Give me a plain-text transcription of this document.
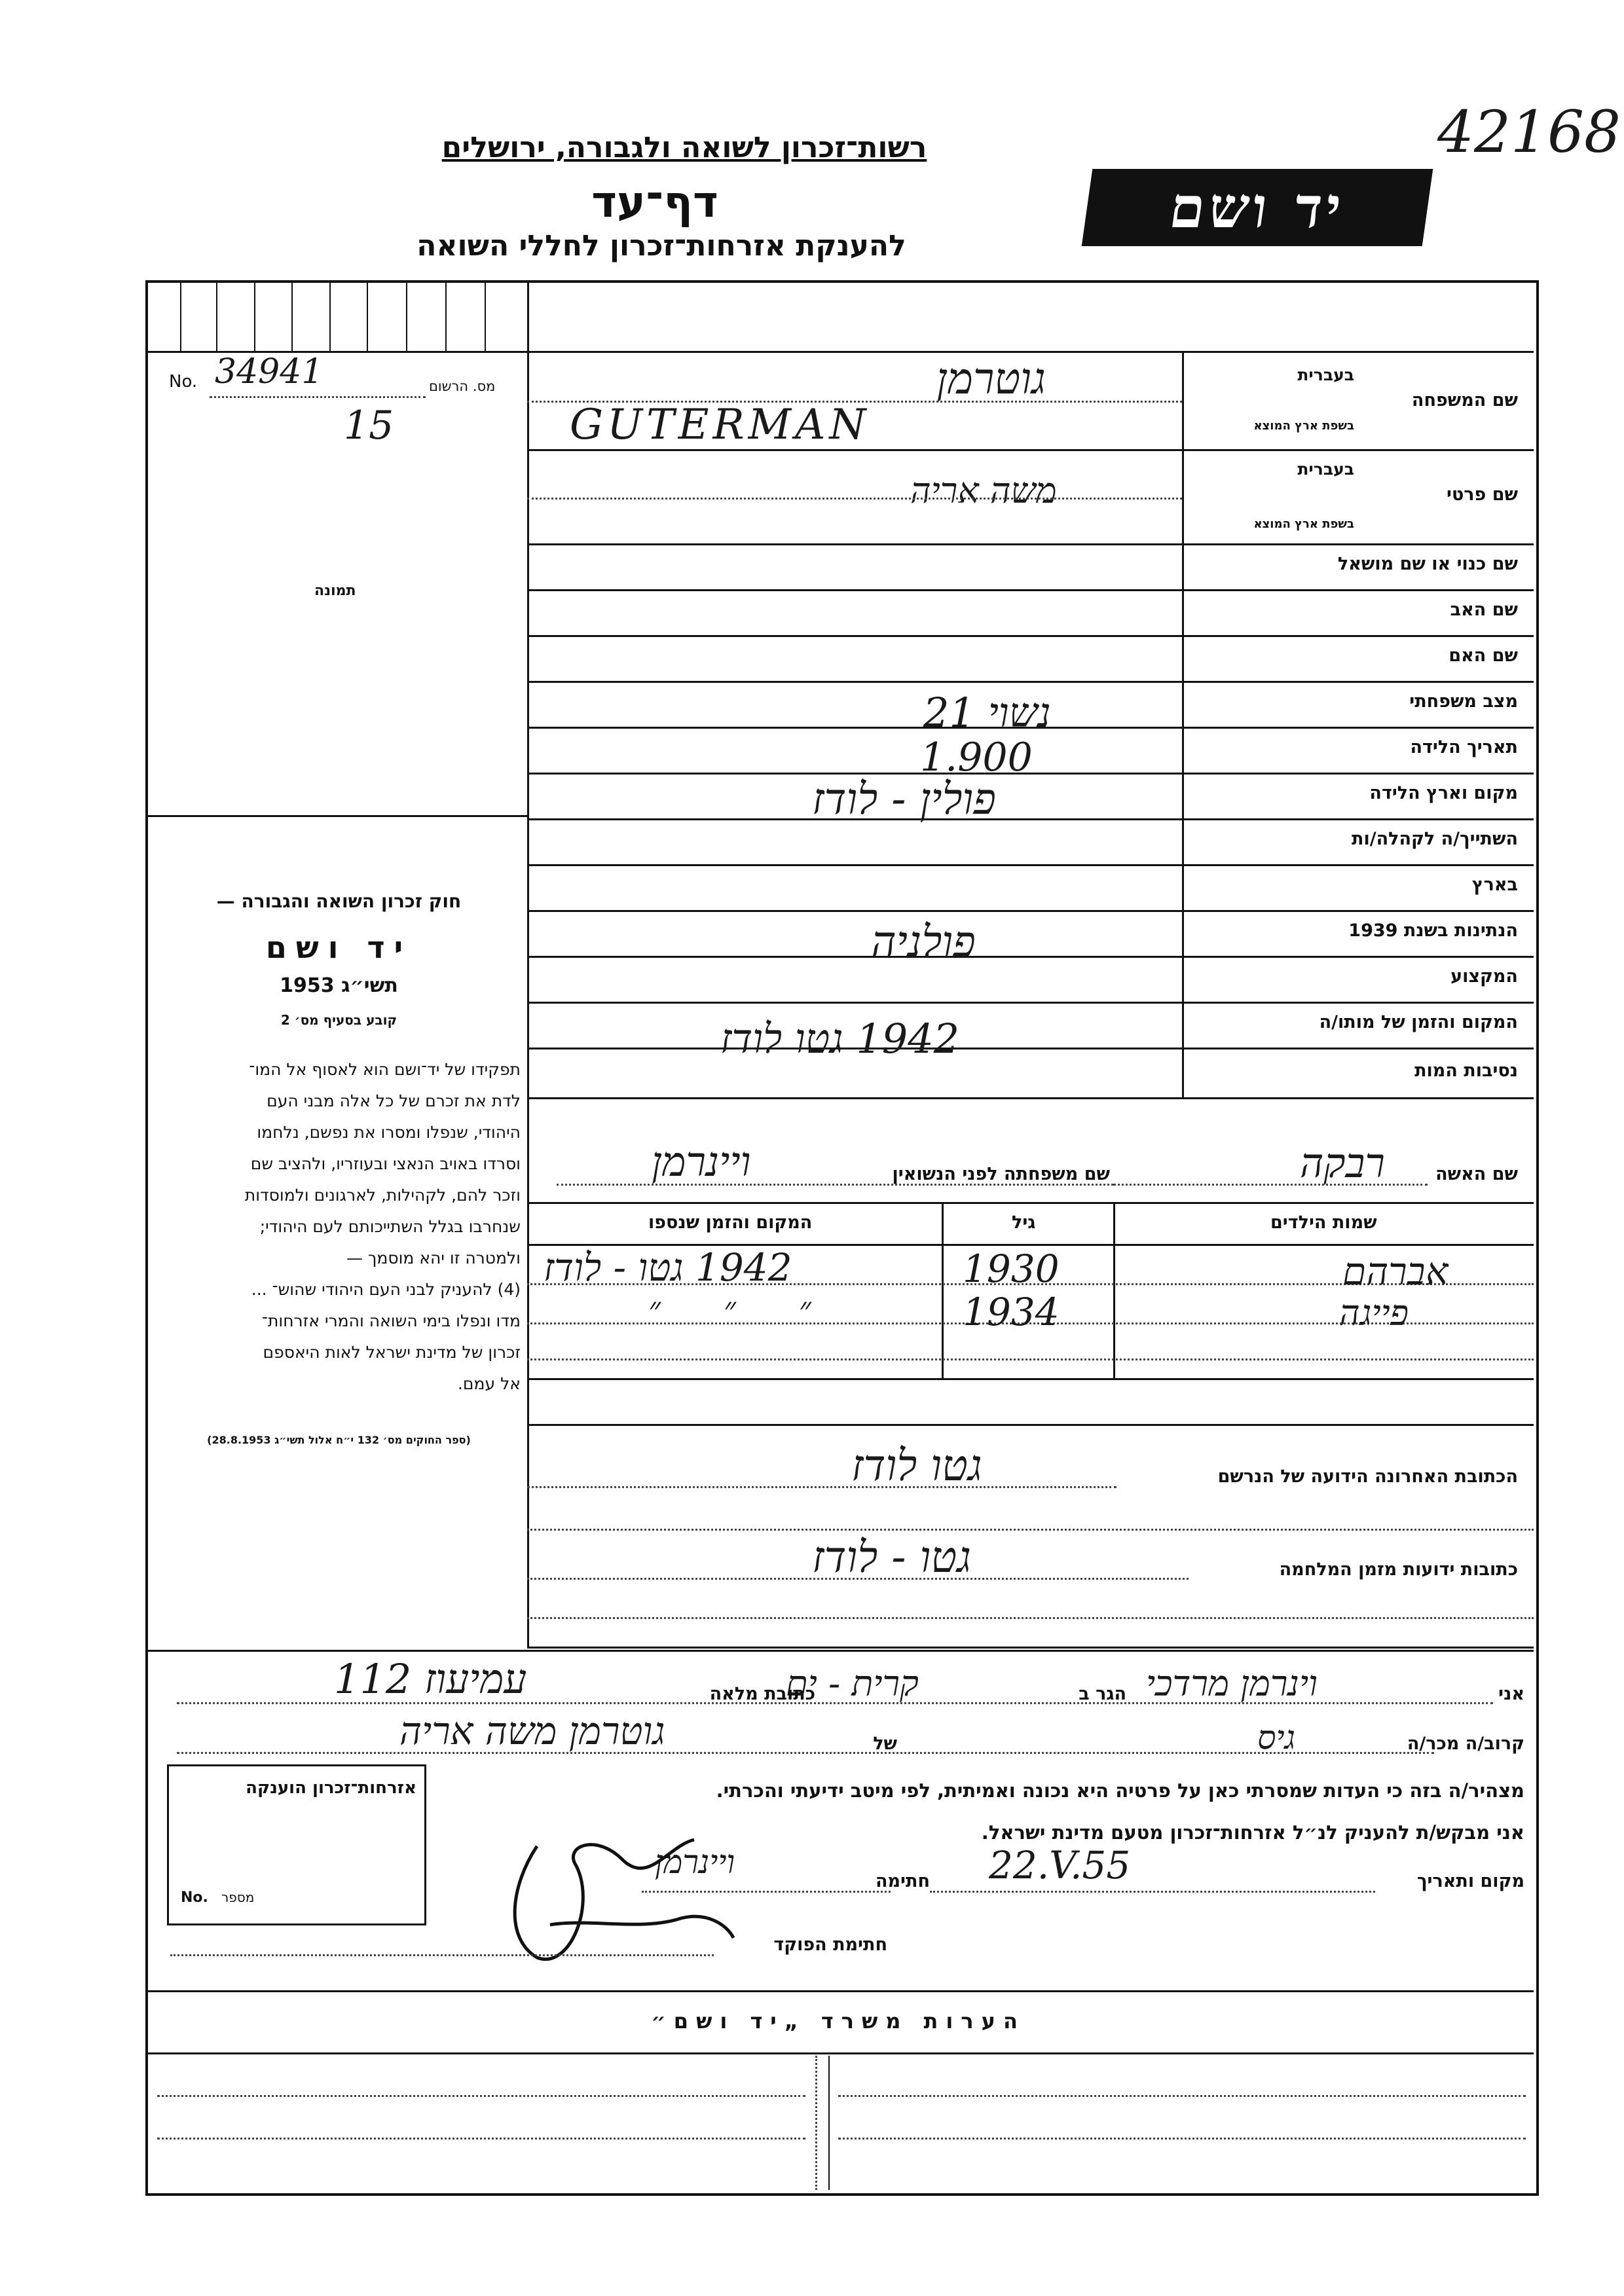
42168
רשות־זכרון לשואה ולגבורה, ירושלים
דף־עד
להענקת אזרחות־זכרון לחללי השואה
יד ושם
No. 34941	מס. הרשום
15
תמונה
חוק זכרון השואה והגבורה —
יד ושם
תשי״ג 1953
קובע בסעיף מס׳ 2
תפקידו של יד־ושם הוא לאסוף אל המו־
לדת את זכרם של כל אלה מבני העם
היהודי, שנפלו ומסרו את נפשם, נלחמו
וסרדו באויב הנאצי ובעוזריו, ולהציב שם
וזכר להם, לקהילות, לארגונים ולמוסדות
שנחרבו בגלל השתייכותם לעם היהודי;
ולמטרה זו יהא מוסמך —
(4) להעניק לבני העם היהודי שהוש־ ...
מדו ונפלו בימי השואה והמרי אזרחות־
זכרון של מדינת ישראל לאות היאספם
אל עמם.
(ספר החוקים מס׳ 132 י״ח אלול תשי״ג 28.8.1953)
שם המשפחה
בעברית
בשפת ארץ המוצא
גוטרמן
GUTERMAN
שם פרטי
בעברית
בשפת ארץ המוצא
משה אריה
שם כנוי או שם מושאל
שם האב
שם האם
מצב משפחתי
נשוי 21
תאריך הלידה
1.900
מקום וארץ הלידה
פולין - לודז
השתייך/ה לקהלה/ות
בארץ
הנתינות בשנת 1939
פולניה
המקצוע
המקום והזמן של מותו/ה
1942 גטו לודז
נסיבות המות
שם האשה
רבקה
שם משפחתה לפני הנשואין
ויינרמן
שמות הילדים
גיל
המקום והזמן שנספו
אברהם
1930
1942 גטו - לודז
פייגה
1934
״ ״ ״
הכתובת האחרונה הידועה של הנרשם
גטו לודז
כתובות ידועות מזמן המלחמה
גטו - לודז
אני
וינרמן מרדכי
הגר ב
קרית - ים
כתובת מלאה
עמיעוז 112
קרוב/ה מכר/ה
גיס
של
גוטרמן משה אריה
מצהיר/ה בזה כי העדות שמסרתי כאן על פרטיה היא נכונה ואמיתית, לפי מיטב ידיעתי והכרתי.
אני מבקש/ת להעניק לנ״ל אזרחות־זכרון מטעם מדינת ישראל.
מקום ותאריך
22.V.55
חתימה
ויינרמן
חתימת הפוקד
אזרחות־זכרון הוענקה
No. מספר
הערות משרד „יד ושם״
